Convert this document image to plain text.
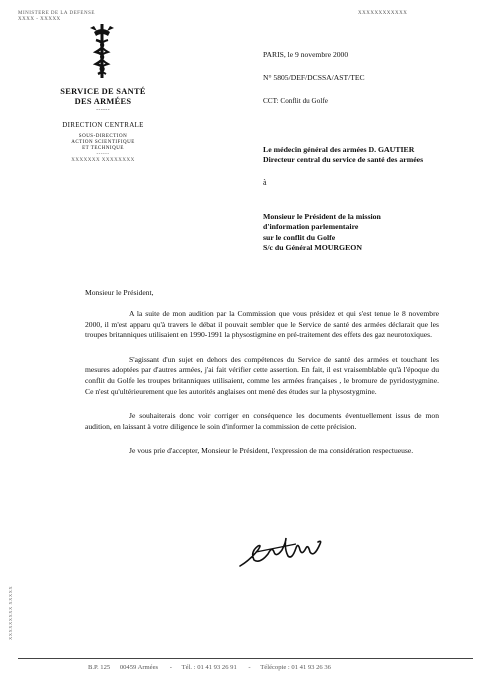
MINISTERE DE LA DEFENSE
XXXX - XXXXX
XXXXXXXXXXXX
SERVICE DE SANTÉ
DES ARMÉES
------
DIRECTION CENTRALE
SOUS-DIRECTION
ACTION SCIENTIFIQUE
ET TECHNIQUE
------
XXXXXXX XXXXXXXX
PARIS, le 9 novembre 2000
N° 5805/DEF/DCSSA/AST/TEC
CCT: Conflit du Golfe
Le médecin général des armées D. GAUTIER
Directeur central du service de santé des armées
à
Monsieur le Président de la mission
d'information parlementaire
sur le conflit du Golfe
S/c du Général MOURGEON
Monsieur le Président,

A la suite de mon audition par la Commission que vous présidez et qui s'est tenue le 8 novembre 2000, il m'est apparu qu'à travers le débat il pouvait sembler que le Service de santé des armées déclarait que les troupes britanniques utilisaient en 1990-1991 la physostigmine en pré-traitement des effets des gaz neurotoxiques.

S'agissant d'un sujet en dehors des compétences du Service de santé des armées et touchant les mesures adoptées par d'autres armées, j'ai fait vérifier cette assertion. En fait, il est vraisemblable qu'à l'époque du conflit du Golfe les troupes britanniques utilisaient, comme les armées françaises , le bromure de pyridostygmine. Ce n'est qu'ultérieurement que les autorités anglaises ont mené des études sur la physostygmine.

Je souhaiterais donc voir corriger en conséquence les documents éventuellement issus de mon audition, en laissant à votre diligence le soin d'informer la commission de cette précision.

Je vous prie d'accepter, Monsieur le Président, l'expression de ma considération respectueuse.

XXXXXXXXX XXXXX
B.P. 125 00459 Armées - Tél. : 01 41 93 26 91 - Télécopie : 01 41 93 26 36
